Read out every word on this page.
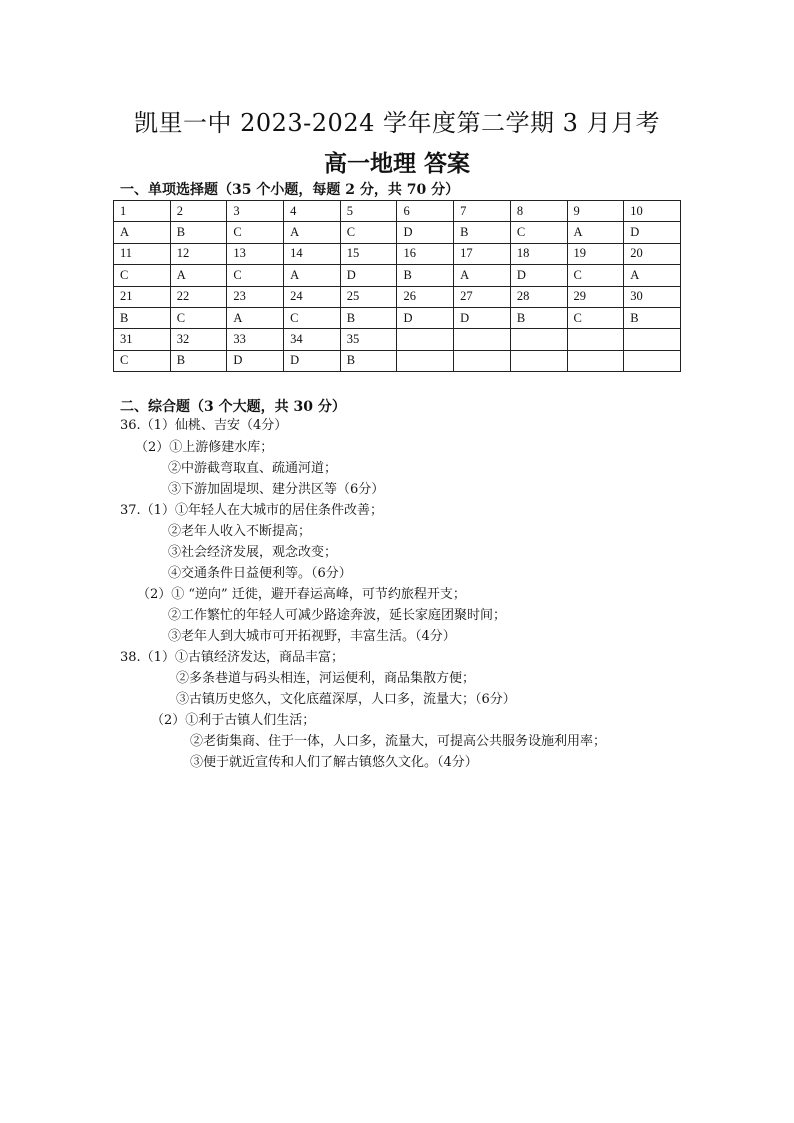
凯里一中 2023-2024 学年度第二学期 3 月月考
高一地理 答案
一、单项选择题（35 个小题，每题 2 分，共 70 分）
1	2	3	4	5	6	7	8	9	10
A	B	C	A	C	D	B	C	A	D
11	12	13	14	15	16	17	18	19	20
C	A	C	A	D	B	A	D	C	A
21	22	23	24	25	26	27	28	29	30
B	C	A	C	B	D	D	B	C	B
31	32	33	34	35					
C	B	D	D	B					
二、综合题（3 个大题，共 30 分）
36.（1）仙桃、吉安（4分）
（2）①上游修建水库；
②中游截弯取直、疏通河道；
③下游加固堤坝、建分洪区等（6分）
37.（1）①年轻人在大城市的居住条件改善；
②老年人收入不断提高；
③社会经济发展，观念改变；
④交通条件日益便利等。（6分）
（2）① “逆向” 迁徙，避开春运高峰，可节约旅程开支；
②工作繁忙的年轻人可减少路途奔波，延长家庭团聚时间；
③老年人到大城市可开拓视野，丰富生活。（4分）
38.（1）①古镇经济发达，商品丰富；
②多条巷道与码头相连，河运便利，商品集散方便；
③古镇历史悠久，文化底蕴深厚，人口多，流量大；（6分）
（2）①利于古镇人们生活；
②老街集商、住于一体，人口多，流量大，可提高公共服务设施利用率；
③便于就近宣传和人们了解古镇悠久文化。（4分）
